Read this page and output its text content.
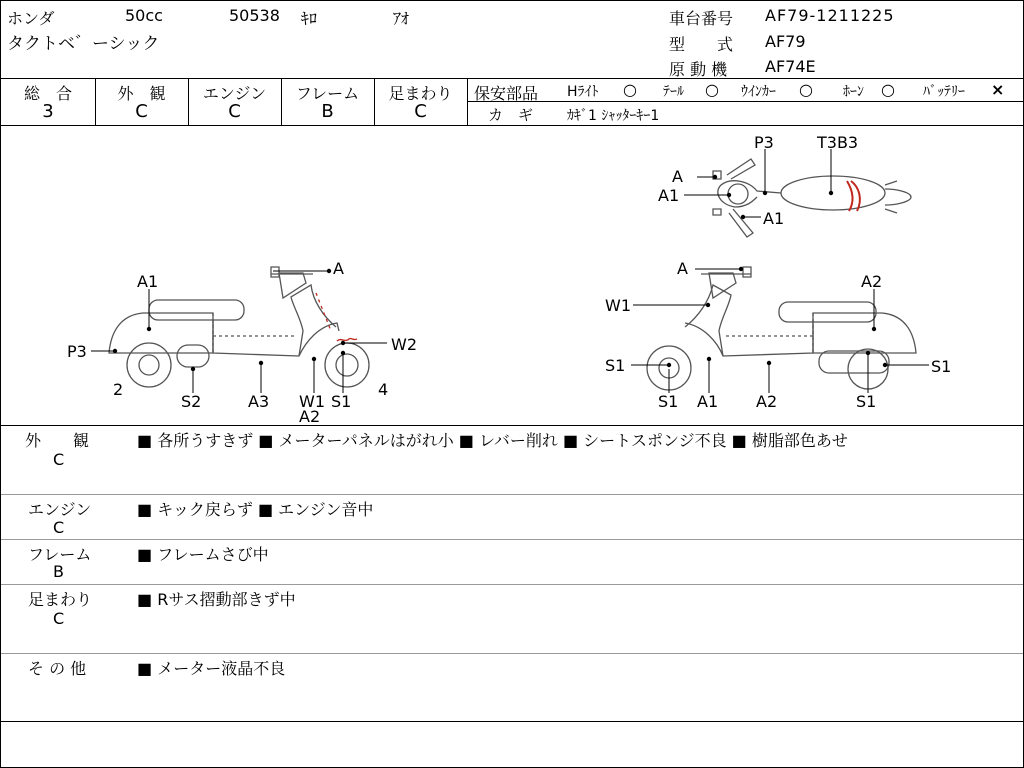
ホンダ	50cc	50538 ｷﾛ	ｱｵ
タクトベ゛ーシック
車台番号 AF79-1211225
型　　式 AF79
原 動 機 AF74E
総　合
3
外　観
C
エンジン
C
フレーム
B
足まわり
C
保安部品 Hﾗｲﾄ ○ ﾃｰﾙ ○ ｳｲﾝｶｰ ○ ﾎｰﾝ ○ ﾊﾞｯﾃﾘｰ ×
カ　ギ ｶｷﾞ1 ｼｬｯﾀｰｷｰ1
A1
P3
2
S2	A3 W1
A2
S1
4
A
W2
P3	T3B3
A
A1
A1
A
A2
W1
S1
S1 A1 A2	S1
S1
外　　観
C
■ 各所うすきず ■ メーターパネルはがれ小 ■ レバー削れ ■ シートスポンジ不良 ■ 樹脂部色あせ
エンジン
C
■ キック戻らず ■ エンジン音中
フレーム
B
■ フレームさび中
足まわり
C
■ Rサス摺動部きず中
そ の 他	■ メーター液晶不良
